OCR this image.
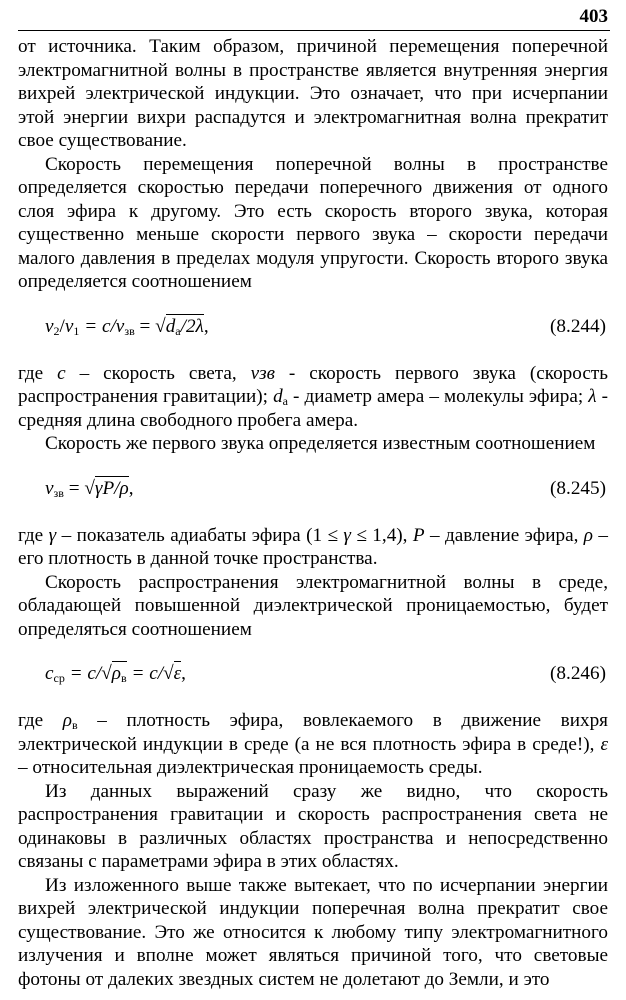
403

от источника. Таким образом, причиной перемещения поперечной электромагнитной волны в пространстве является внутренняя энергия вихрей электрической индукции. Это означает, что при исчерпании этой энергии вихри распадутся и электромагнитная волна прекратит свое существование.

Скорость перемещения поперечной волны в пространстве определяется скоростью передачи поперечного движения от одного слоя эфира к другому. Это есть скорость второго звука, которая существенно меньше скорости первого звука – скорости передачи малого давления в пределах модуля упругости. Скорость второго звука определяется соотношением

$v_2/v_1 = c/v_{зв} = √d_а/2\lambda$,	(8.244)

где c – скорость света, vзв - скорость первого звука (скорость распространения гравитации); $d_а$ - диаметр амера – молекулы эфира; λ - средняя длина свободного пробега амера.

Скорость же первого звука определяется известным соотношением

$v_{зв} = √\gamma P/\rho$,	(8.245)

где γ – показатель адиабаты эфира (1 ≤ γ ≤ 1,4), P – давление эфира, ρ – его плотность в данной точке пространства.

Скорость распространения электромагнитной волны в среде, обладающей повышенной диэлектрической проницаемостью, будет определяться соотношением

$c_{ср} = c/√\rho_в = c/√\varepsilon$,	(8.246)

где $\rho_в$ – плотность эфира, вовлекаемого в движение вихря электрической индукции в среде (а не вся плотность эфира в среде!), ε – относительная диэлектрическая проницаемость среды.

Из данных выражений сразу же видно, что скорость распространения гравитации и скорость распространения света не одинаковы в различных областях пространства и непосредственно связаны с параметрами эфира в этих областях.

Из изложенного выше также вытекает, что по исчерпании энергии вихрей электрической индукции поперечная волна прекратит свое существование. Это же относится к любому типу электромагнитного излучения и вполне может являться причиной того, что световые фотоны от далеких звездных систем не долетают до Земли, и это
